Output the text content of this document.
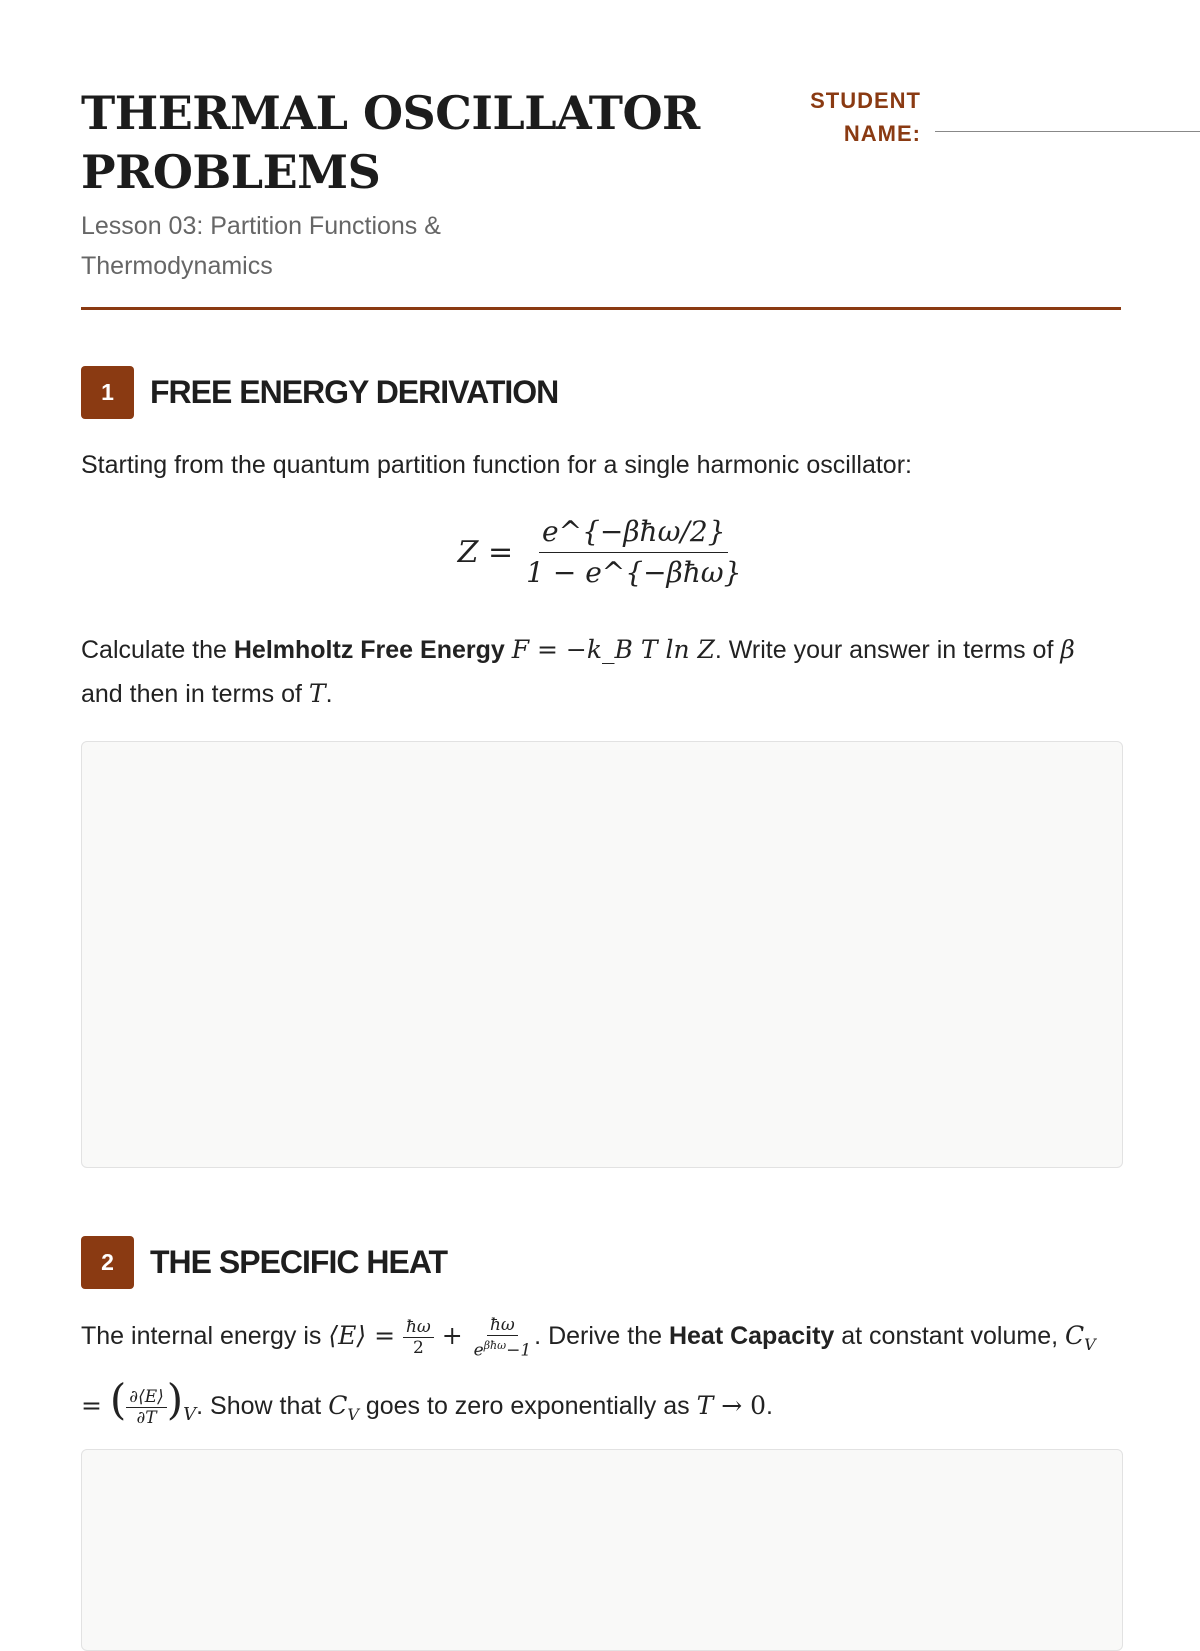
THERMAL OSCILLATOR PROBLEMS
Lesson 03: Partition Functions & Thermodynamics
STUDENT NAME:
1	FREE ENERGY DERIVATION
Starting from the quantum partition function for a single harmonic oscillator:
$Z = \frac{\text{e\textasciicircum{}\{−βħω/2\}}}{\text{1 − e\textasciicircum{}\{−βħω\}}}$
Calculate the Helmholtz Free Energy F = −k_B T ln Z. Write your answer in terms of β and then in terms of T.
2	THE SPECIFIC HEAT
The internal energy is ⟨E⟩ = $\frac{ħ\omega}{2} + \frac{ħ\omega}{e^{\beta ħ\omega}-1}$ . Derive the Heat Capacity at constant volume, $C_V$ = ( $\frac{\partial⟨E⟩}{\partial T} )_V$. Show that $C_V$ goes to zero exponentially as T → 0.
